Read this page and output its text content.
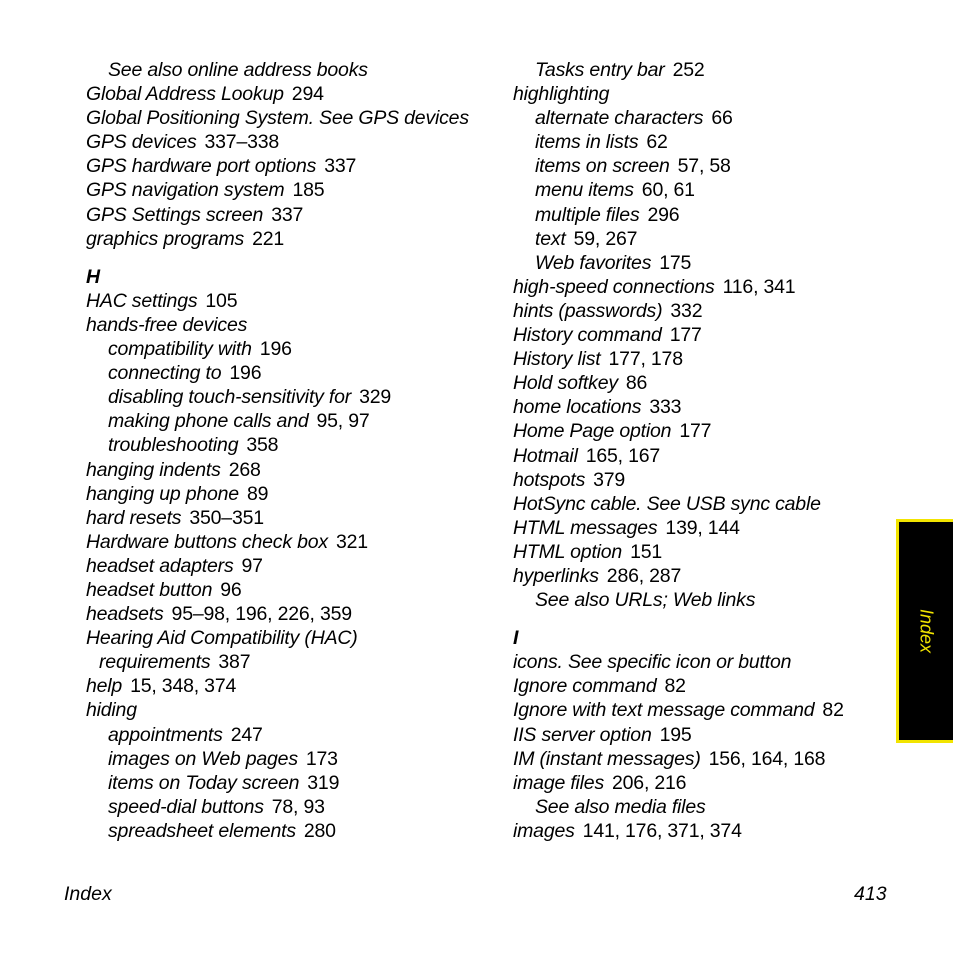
See also online address books
Global Address Lookup 294
Global Positioning System. See GPS devices
GPS devices 337–338
GPS hardware port options 337
GPS navigation system 185
GPS Settings screen 337
graphics programs 221
H
HAC settings 105
hands-free devices
compatibility with 196
connecting to 196
disabling touch-sensitivity for 329
making phone calls and 95, 97
troubleshooting 358
hanging indents 268
hanging up phone 89
hard resets 350–351
Hardware buttons check box 321
headset adapters 97
headset button 96
headsets 95–98, 196, 226, 359
Hearing Aid Compatibility (HAC)
requirements 387
help 15, 348, 374
hiding
appointments 247
images on Web pages 173
items on Today screen 319
speed-dial buttons 78, 93
spreadsheet elements 280
Tasks entry bar 252
highlighting
alternate characters 66
items in lists 62
items on screen 57, 58
menu items 60, 61
multiple files 296
text 59, 267
Web favorites 175
high-speed connections 116, 341
hints (passwords) 332
History command 177
History list 177, 178
Hold softkey 86
home locations 333
Home Page option 177
Hotmail 165, 167
hotspots 379
HotSync cable. See USB sync cable
HTML messages 139, 144
HTML option 151
hyperlinks 286, 287
See also URLs; Web links
I
icons. See specific icon or button
Ignore command 82
Ignore with text message command 82
IIS server option 195
IM (instant messages) 156, 164, 168
image files 206, 216
See also media files
images 141, 176, 371, 374
Index
Index	413
